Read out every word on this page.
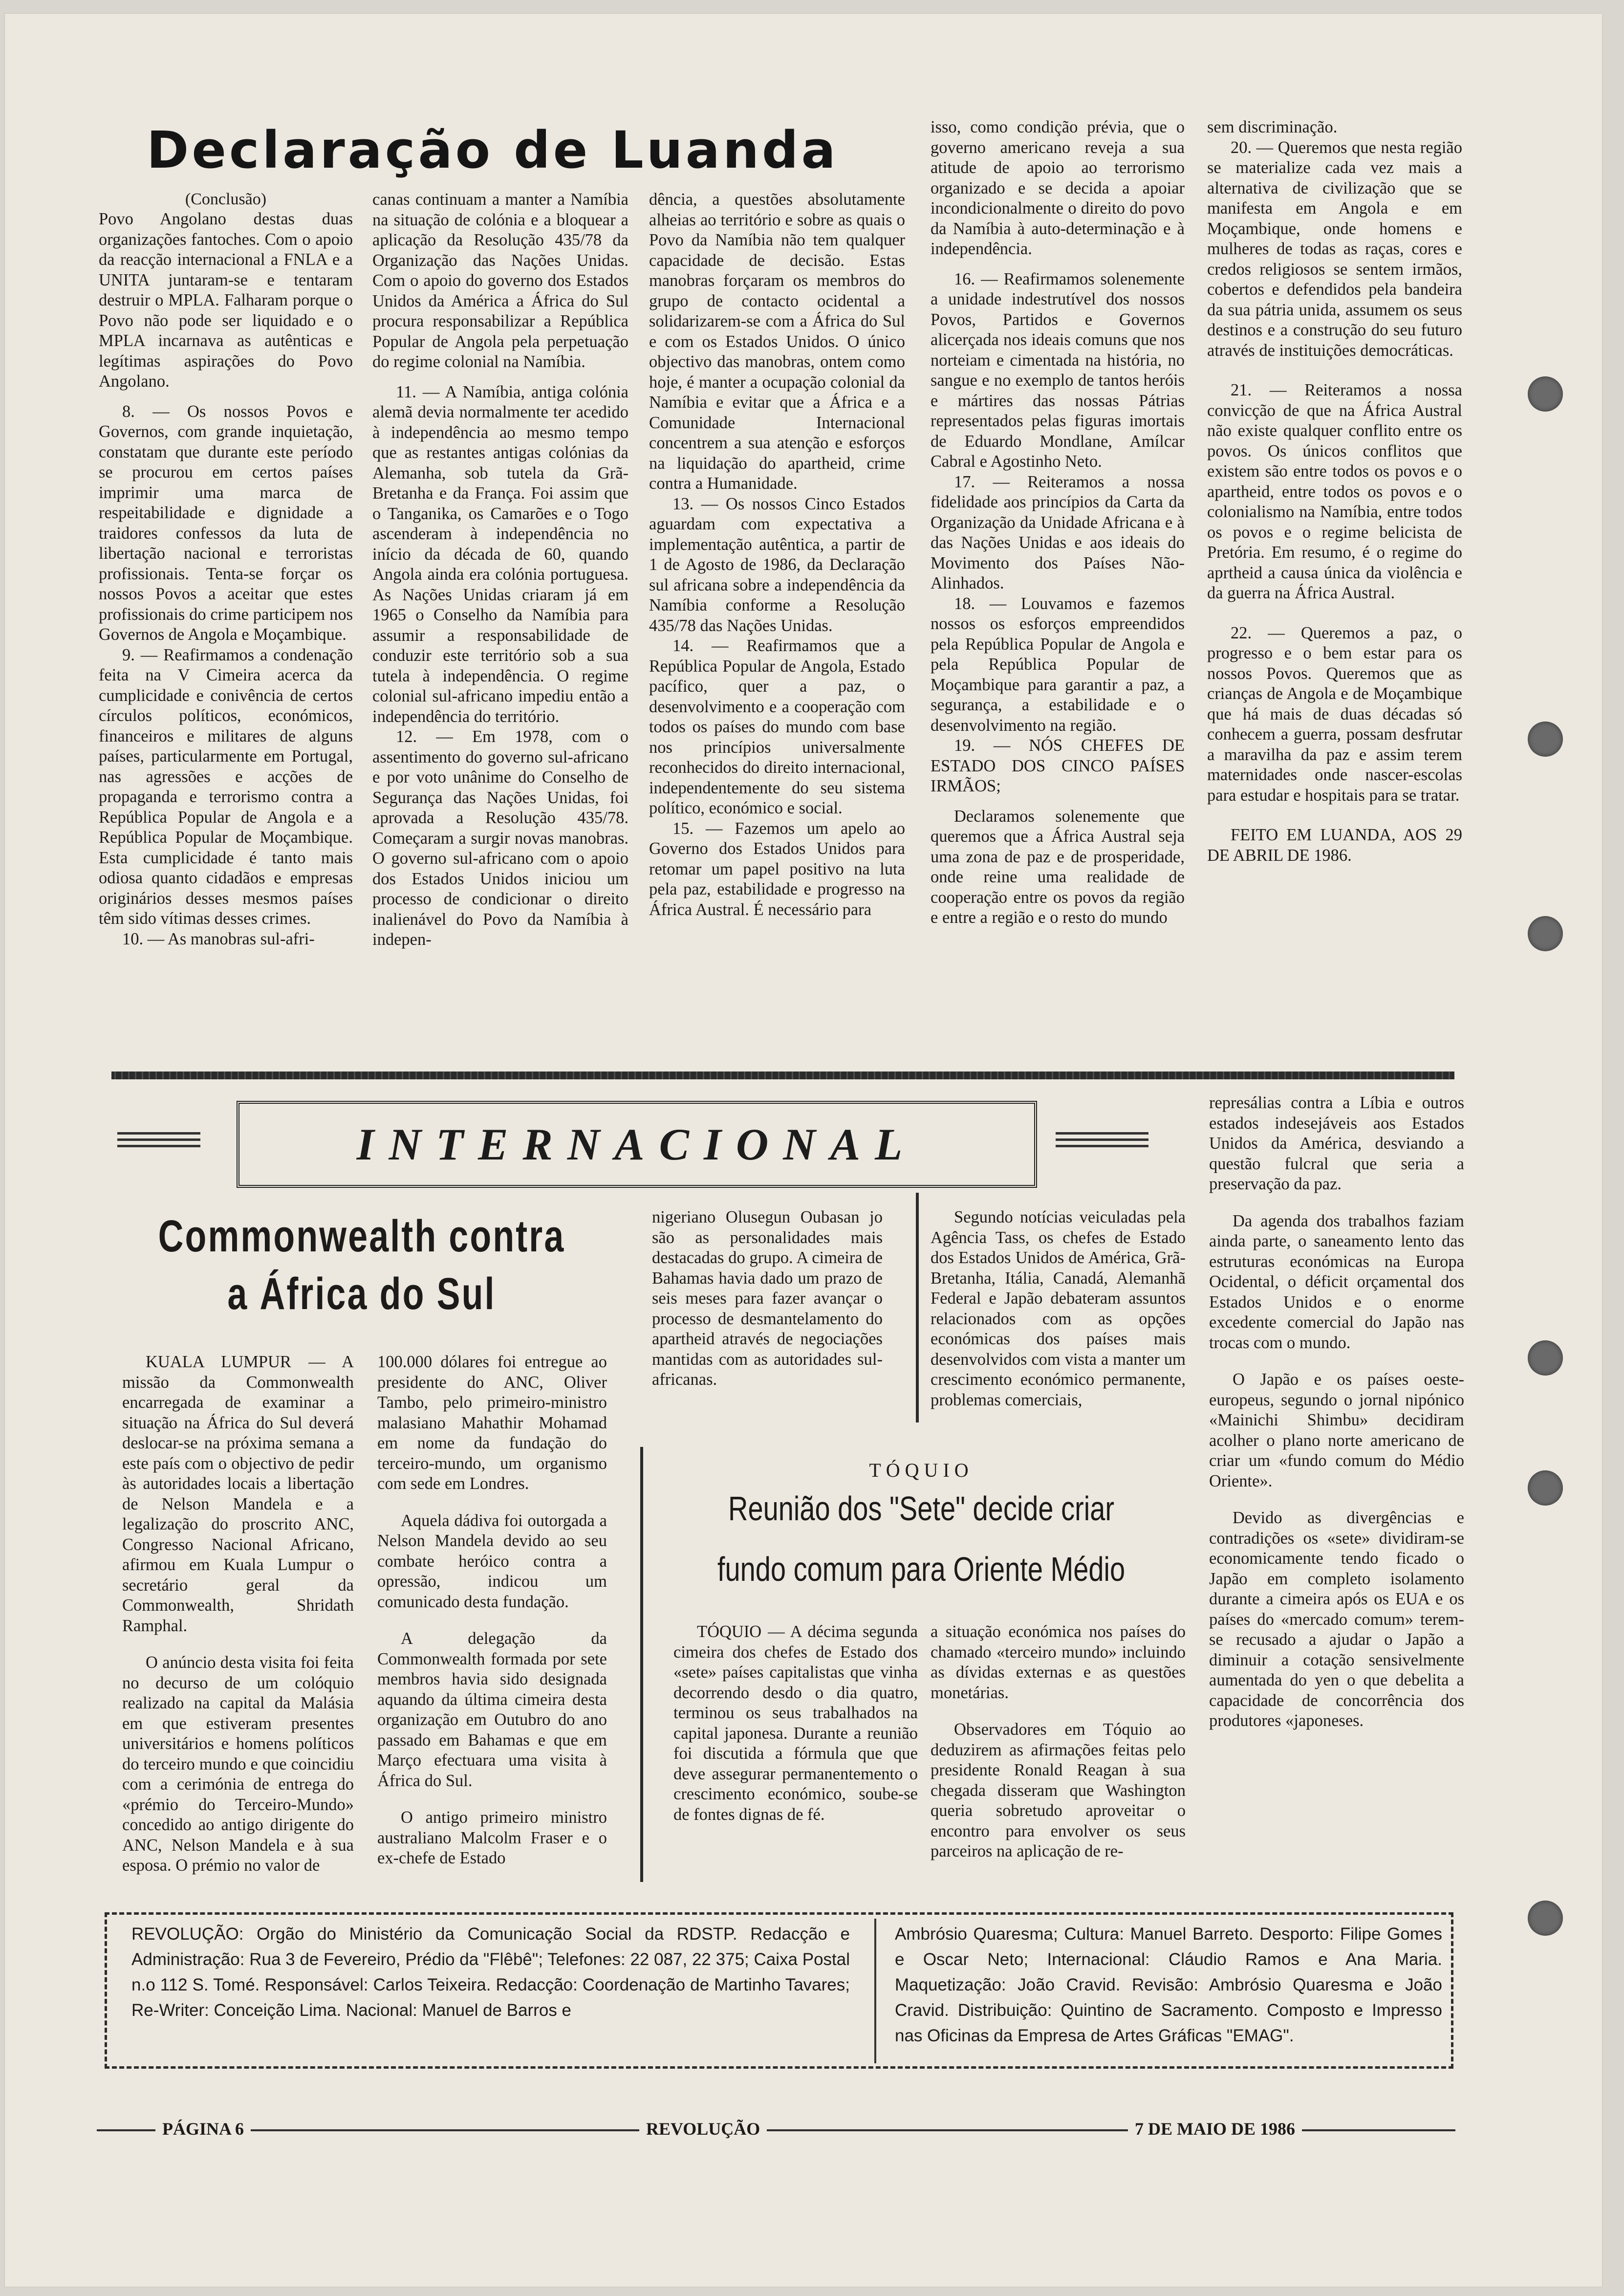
Declaração de Luanda
(Conclusão)

Povo Angolano destas duas organizações fantoches. Com o apoio da reacção internacional a FNLA e a UNITA juntaram-se e tentaram destruir o MPLA. Falharam porque o Povo não pode ser liquidado e o MPLA incarnava as autênticas e legítimas aspirações do Povo Angolano.

8. — Os nossos Povos e Governos, com grande inquietação, constatam que durante este período se procurou em certos países imprimir uma marca de respeitabilidade e dignidade a traidores confessos da luta de libertação nacional e terroristas profissionais. Tenta-se forçar os nossos Povos a aceitar que estes profissionais do crime participem nos Governos de Angola e Moçambique.

9. — Reafirmamos a condenação feita na V Cimeira acerca da cumplicidade e conivência de certos círculos políticos, económicos, financeiros e militares de alguns países, particularmente em Portugal, nas agressões e acções de propaganda e terrorismo contra a República Popular de Angola e a República Popular de Moçambique. Esta cumplicidade é tanto mais odiosa quanto cidadãos e empresas originários desses mesmos países têm sido vítimas desses crimes.

10. — As manobras sul-afri-

canas continuam a manter a Namíbia na situação de colónia e a bloquear a aplicação da Resolução 435/78 da Organização das Nações Unidas. Com o apoio do governo dos Estados Unidos da América a África do Sul procura responsabilizar a República Popular de Angola pela perpetuação do regime colonial na Namíbia.

11. — A Namíbia, antiga colónia alemã devia normalmente ter acedido à independência ao mesmo tempo que as restantes antigas colónias da Alemanha, sob tutela da Grã-Bretanha e da França. Foi assim que o Tanganika, os Camarões e o Togo ascenderam à independência no início da década de 60, quando Angola ainda era colónia portuguesa. As Nações Unidas criaram já em 1965 o Conselho da Namíbia para assumir a responsabilidade de conduzir este território sob a sua tutela à independência. O regime colonial sul-africano impediu então a independência do território.

12. — Em 1978, com o assentimento do governo sul-africano e por voto unânime do Conselho de Segurança das Nações Unidas, foi aprovada a Resolução 435/78. Começaram a surgir novas manobras. O governo sul-africano com o apoio dos Estados Unidos iniciou um processo de condicionar o direito inalienável do Povo da Namíbia à indepen-

dência, a questões absolutamente alheias ao território e sobre as quais o Povo da Namíbia não tem qualquer capacidade de decisão. Estas manobras forçaram os membros do grupo de contacto ocidental a solidarizarem-se com a África do Sul e com os Estados Unidos. O único objectivo das manobras, ontem como hoje, é manter a ocupação colonial da Namíbia e evitar que a África e a Comunidade Internacional concentrem a sua atenção e esforços na liquidação do apartheid, crime contra a Humanidade.

13. — Os nossos Cinco Estados aguardam com expectativa a implementação autêntica, a partir de 1 de Agosto de 1986, da Declaração sul africana sobre a independência da Namíbia conforme a Resolução 435/78 das Nações Unidas.

14. — Reafirmamos que a República Popular de Angola, Estado pacífico, quer a paz, o desenvolvimento e a cooperação com todos os países do mundo com base nos princípios universalmente reconhecidos do direito internacional, independentemente do seu sistema político, económico e social.

15. — Fazemos um apelo ao Governo dos Estados Unidos para retomar um papel positivo na luta pela paz, estabilidade e progresso na África Austral. É necessário para

isso, como condição prévia, que o governo americano reveja a sua atitude de apoio ao terrorismo organizado e se decida a apoiar incondicionalmente o direito do povo da Namíbia à auto-determinação e à independência.

16. — Reafirmamos solenemente a unidade indestrutível dos nossos Povos, Partidos e Governos alicerçada nos ideais comuns que nos norteiam e cimentada na história, no sangue e no exemplo de tantos heróis e mártires das nossas Pátrias representados pelas figuras imortais de Eduardo Mondlane, Amílcar Cabral e Agostinho Neto.

17. — Reiteramos a nossa fidelidade aos princípios da Carta da Organização da Unidade Africana e à das Nações Unidas e aos ideais do Movimento dos Países Não-Alinhados.

18. — Louvamos e fazemos nossos os esforços empreendidos pela República Popular de Angola e pela República Popular de Moçambique para garantir a paz, a segurança, a estabilidade e o desenvolvimento na região.

19. — NÓS CHEFES DE ESTADO DOS CINCO PAÍSES IRMÃOS;

Declaramos solenemente que queremos que a África Austral seja uma zona de paz e de prosperidade, onde reine uma realidade de cooperação entre os povos da região e entre a região e o resto do mundo

sem discriminação.

20. — Queremos que nesta região se materialize cada vez mais a alternativa de civilização que se manifesta em Angola e em Moçambique, onde homens e mulheres de todas as raças, cores e credos religiosos se sentem irmãos, cobertos e defendidos pela bandeira da sua pátria unida, assumem os seus destinos e a construção do seu futuro através de instituições democráticas.

21. — Reiteramos a nossa convicção de que na África Austral não existe qualquer conflito entre os povos. Os únicos conflitos que existem são entre todos os povos e o apartheid, entre todos os povos e o colonialismo na Namíbia, entre todos os povos e o regime belicista de Pretória. Em resumo, é o regime do aprtheid a causa única da violência e da guerra na África Austral.

22. — Queremos a paz, o progresso e o bem estar para os nossos Povos. Queremos que as crianças de Angola e de Moçambique que há mais de duas décadas só conhecem a guerra, possam desfrutar a maravilha da paz e assim terem maternidades onde nascer-escolas para estudar e hospitais para se tratar.

FEITO EM LUANDA, AOS 29 DE ABRIL DE 1986.

INTERNACIONAL
Commonwealth contra
a África do Sul

KUALA LUMPUR — A missão da Commonwealth encarregada de examinar a situação na África do Sul deverá deslocar-se na próxima semana a este país com o objectivo de pedir às autoridades locais a libertação de Nelson Mandela e a legalização do proscrito ANC, Congresso Nacional Africano, afirmou em Kuala Lumpur o secretário geral da Commonwealth, Shridath Ramphal.

O anúncio desta visita foi feita no decurso de um colóquio realizado na capital da Malásia em que estiveram presentes universitários e homens políticos do terceiro mundo e que coincidiu com a cerimónia de entrega do «prémio do Terceiro-Mundo» concedido ao antigo dirigente do ANC, Nelson Mandela e à sua esposa. O prémio no valor de

100.000 dólares foi entregue ao presidente do ANC, Oliver Tambo, pelo primeiro-ministro malasiano Mahathir Mohamad em nome da fundação do terceiro-mundo, um organismo com sede em Londres.

Aquela dádiva foi outorgada a Nelson Mandela devido ao seu combate heróico contra a opressão, indicou um comunicado desta fundação.

A delegação da Commonwealth formada por sete membros havia sido designada aquando da última cimeira desta organização em Outubro do ano passado em Bahamas e que em Março efectuara uma visita à África do Sul.

O antigo primeiro ministro australiano Malcolm Fraser e o ex-chefe de Estado

nigeriano Olusegun Oubasan jo são as personalidades mais destacadas do grupo. A cimeira de Bahamas havia dado um prazo de seis meses para fazer avançar o processo de desmantelamento do apartheid através de negociações mantidas com as autoridades sul-africanas.

Segundo notícias veiculadas pela Agência Tass, os chefes de Estado dos Estados Unidos de América, Grã-Bretanha, Itália, Canadá, Alemanhã Federal e Japão debateram assuntos relacionados com as opções económicas dos países mais desenvolvidos com vista a manter um crescimento económico permanente, problemas comerciais,

TÓQUIO
Reunião dos "Sete" decide criar
fundo comum para Oriente Médio

TÓQUIO — A décima segunda cimeira dos chefes de Estado dos «sete» países capitalistas que vinha decorrendo desdo o dia quatro, terminou os seus trabalhados na capital japonesa. Durante a reunião foi discutida a fórmula que que deve assegurar permanentemento o crescimento económico, soube-se de fontes dignas de fé.

a situação económica nos países do chamado «terceiro mundo» incluindo as dívidas externas e as questões monetárias.

Observadores em Tóquio ao deduzirem as afirmações feitas pelo presidente Ronald Reagan à sua chegada disseram que Washington queria sobretudo aproveitar o encontro para envolver os seus parceiros na aplicação de re-

represálias contra a Líbia e outros estados indesejáveis aos Estados Unidos da América, desviando a questão fulcral que seria a preservação da paz.

Da agenda dos trabalhos faziam ainda parte, o saneamento lento das estruturas económicas na Europa Ocidental, o déficit orçamental dos Estados Unidos e o enorme excedente comercial do Japão nas trocas com o mundo.

O Japão e os países oeste-europeus, segundo o jornal nipónico «Mainichi Shimbu» decidiram acolher o plano norte americano de criar um «fundo comum do Médio Oriente».

Devido as divergências e contradições os «sete» dividiram-se economicamente tendo ficado o Japão em completo isolamento durante a cimeira após os EUA e os países do «mercado comum» terem-se recusado a ajudar o Japão a diminuir a cotação sensivelmente aumentada do yen o que debelita a capacidade de concorrência dos produtores «japoneses.

REVOLUÇÃO: Orgão do Ministério da Comunicação Social da RDSTP. Redacção e Administração: Rua 3 de Fevereiro, Prédio da "Flêbê"; Telefones: 22 087, 22 375; Caixa Postal n.o 112 S. Tomé. Responsável: Carlos Teixeira. Redacção: Coordenação de Martinho Tavares; Re-Writer: Conceição Lima. Nacional: Manuel de Barros e
Ambrósio Quaresma; Cultura: Manuel Barreto. Desporto: Filipe Gomes e Oscar Neto; Internacional: Cláudio Ramos e Ana Maria. Maquetização: João Cravid. Revisão: Ambrósio Quaresma e João Cravid. Distribuição: Quintino de Sacramento. Composto e Impresso nas Oficinas da Empresa de Artes Gráficas "EMAG".
PÁGINA 6	REVOLUÇÃO	7 DE MAIO DE 1986
